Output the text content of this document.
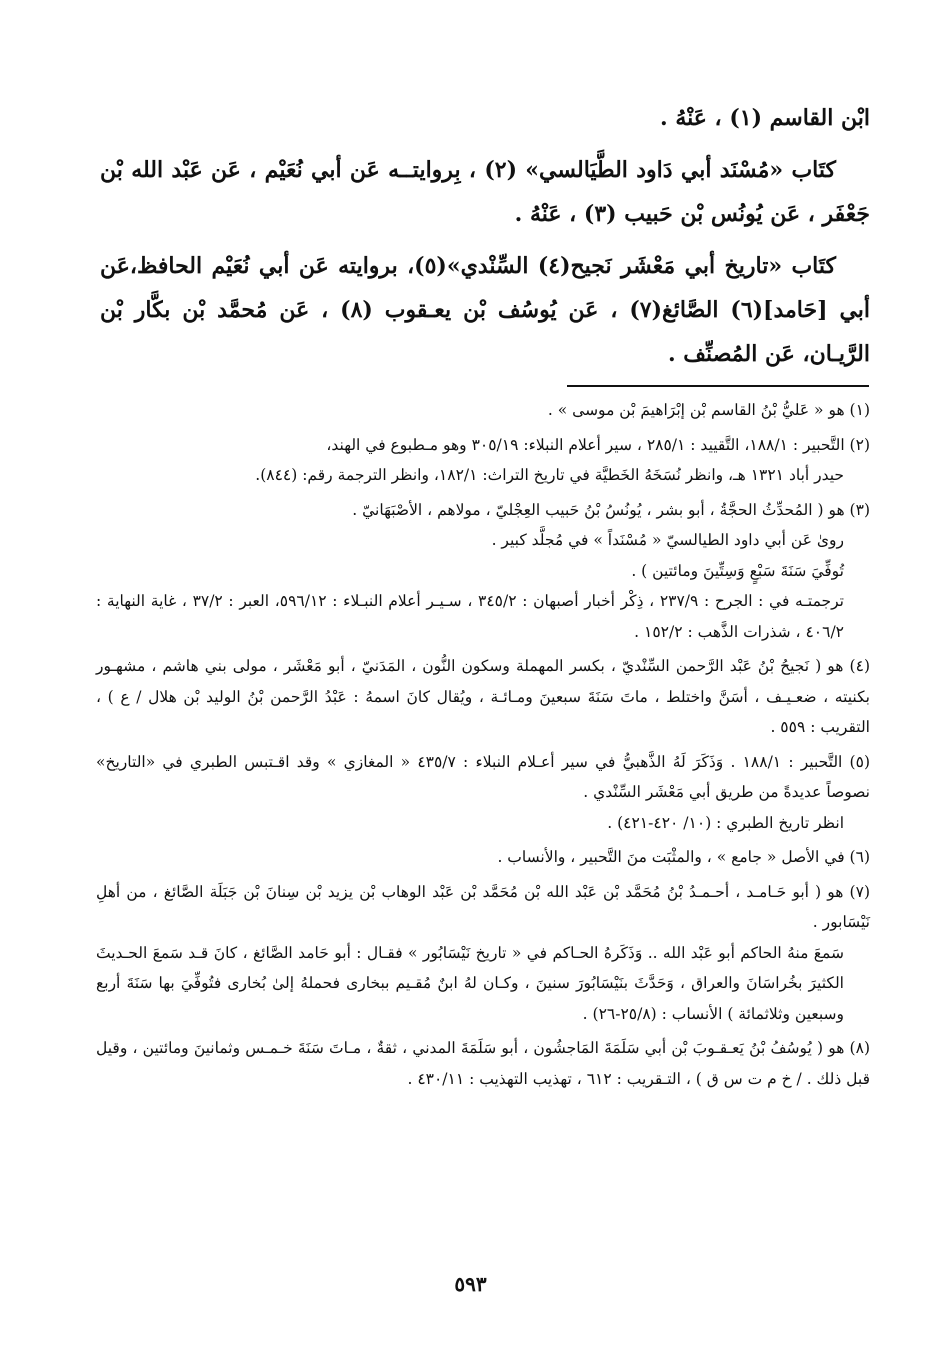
ابْن القاسم (١) ، عَنْهُ .

كتَاب «مُسْنَد أبي دَاود الطَّيَالسي» (٢) ، بِروايتــه عَن أبي نُعَيْم ، عَن عَبْد الله بْن جَعْفَر ، عَن يُونُس بْن حَبيب (٣) ، عَنْهُ .

كتَاب «تاريخ أبي مَعْشَر نَجيح(٤) السِّنْدي»(٥)، بروايته عَن أبي نُعَيْم الحافظ،عَن أبي [حَامد](٦) الصَّائغ(٧) ، عَن يُوسُف بْن يعـقوب (٨) ، عَن مُحمَّد بْن بكَّار بْن الرَّيـان، عَن المُصنِّف .

(١) هو « عَليُّ بْنُ القاسم بْن إبْرَاهيمَ بْن موسى » .
(٢) التَّحبير : ١٨٨/١، التَّقييد : ٢٨٥/١ ، سير أعلام النبلاء: ٣٠٥/١٩ وهو مـطبوع في الهند،
حيدر أباد ١٣٢١ هـ، وانظر نُسَخَهُ الخَطيَّة في تاريخ التراث: ١٨٢/١، وانظر الترجمة رقم: (٨٤٤).
(٣) هو ( المُحدِّثُ الحجَّةُ ، أبو بشر ، يُونُسُ بْنُ حَبيب العِجْليّ ، مولاهم ، الأصْبَهَانيّ .
روىٰ عَن أبي داود الطيالسيّ « مُسْنَداً » في مُجلَّد كبير .
تُوفِّيَ سَنَةَ سَبْعٍ وَسِتِّينَ ومائتين ) .
ترجمتـه في : الجرح : ٢٣٧/٩ ، ذِكْر أخبار أصبهان : ٣٤٥/٢ ، سـيـر أعلام النبـلاء : ٥٩٦/١٢، العبر : ٣٧/٢ ، غاية النهاية : ٤٠٦/٢ ، شذرات الذَّهب : ١٥٢/٢ .
(٤) هو ( نَجيحُ بْنُ عَبْد الرَّحمن السِّنْديّ ، بكسر المهملة وسكون النُّون ، المَدَنيّ ، أبو مَعْشَر ، مولى بني هاشم ، مشهـور بكنيته ، ضعـيـف ، أسَنَّ واختلط ، ماتَ سَنَةَ سبعينَ ومـائـة ، ويُقال كانَ اسمهُ : عَبْدُ الرَّحمن بْنُ الوليد بْن هلال / ع ) ، التقريب : ٥٥٩ .
(٥) التَّحبير : ١٨٨/١ . وَذَكَرَ لَهُ الذَّهبيُّ في سير أعـلام النبلاء : ٤٣٥/٧ « المغازي » وقد اقـتبس الطبري في «التاريخ» نصوصاً عديدةً من طريق أبي مَعْشَر السِّنْدي .
انظر تاريخ الطبري : (١٠/ ٤٢٠-٤٢١) .
(٦) في الأصل « جامع » ، والمثْبَت منَ التَّحبير ، والأنساب .
(٧) هو ( أبو حَـامـد ، أحـمـدُ بْنُ مُحَمَّد بْن عَبْد الله بْن مُحَمَّد بْن عَبْد الوهاب بْن يزيد بْن سِنانَ بْن جَبَلَة الصَّائغ ، من أهلِ نَيْسَابور .
سَمعَ منهُ الحاكم أبو عَبْد الله .. وَذَكَرهُ الحـاكم في « تاريخ نَيْسَابُور » فقـال : أبو حَامد الصَّائغ ، كانَ قـد سَمعَ الحـديثَ الكثيرَ بخُراسَانَ والعراق ، وَحَدَّثَ بنَيْسَابُورَ سنينَ ، وكـان لهُ ابنٌ مُقـيم ببخارى فحملهُ إلىٰ بُخارى فتُوفِّيَ بها سَنَةَ أربع وسبعين وثلاثمائة ) الأنساب : (٢٥/٨-٢٦) .
(٨) هو ( يُوسُفُ بْنُ يَعـقـوبَ بْن أبي سَلَمَةَ المَاجشُون ، أبو سَلَمَةَ المدني ، ثقةٌ ، مـاتَ سَنَةَ خـمـس وثمانينَ ومائتين ، وقيل قبل ذلك . / خ م ت س ق ) ، التـقريب : ٦١٢ ، تهذيب التهذيب : ٤٣٠/١١ .
٥٩٣
